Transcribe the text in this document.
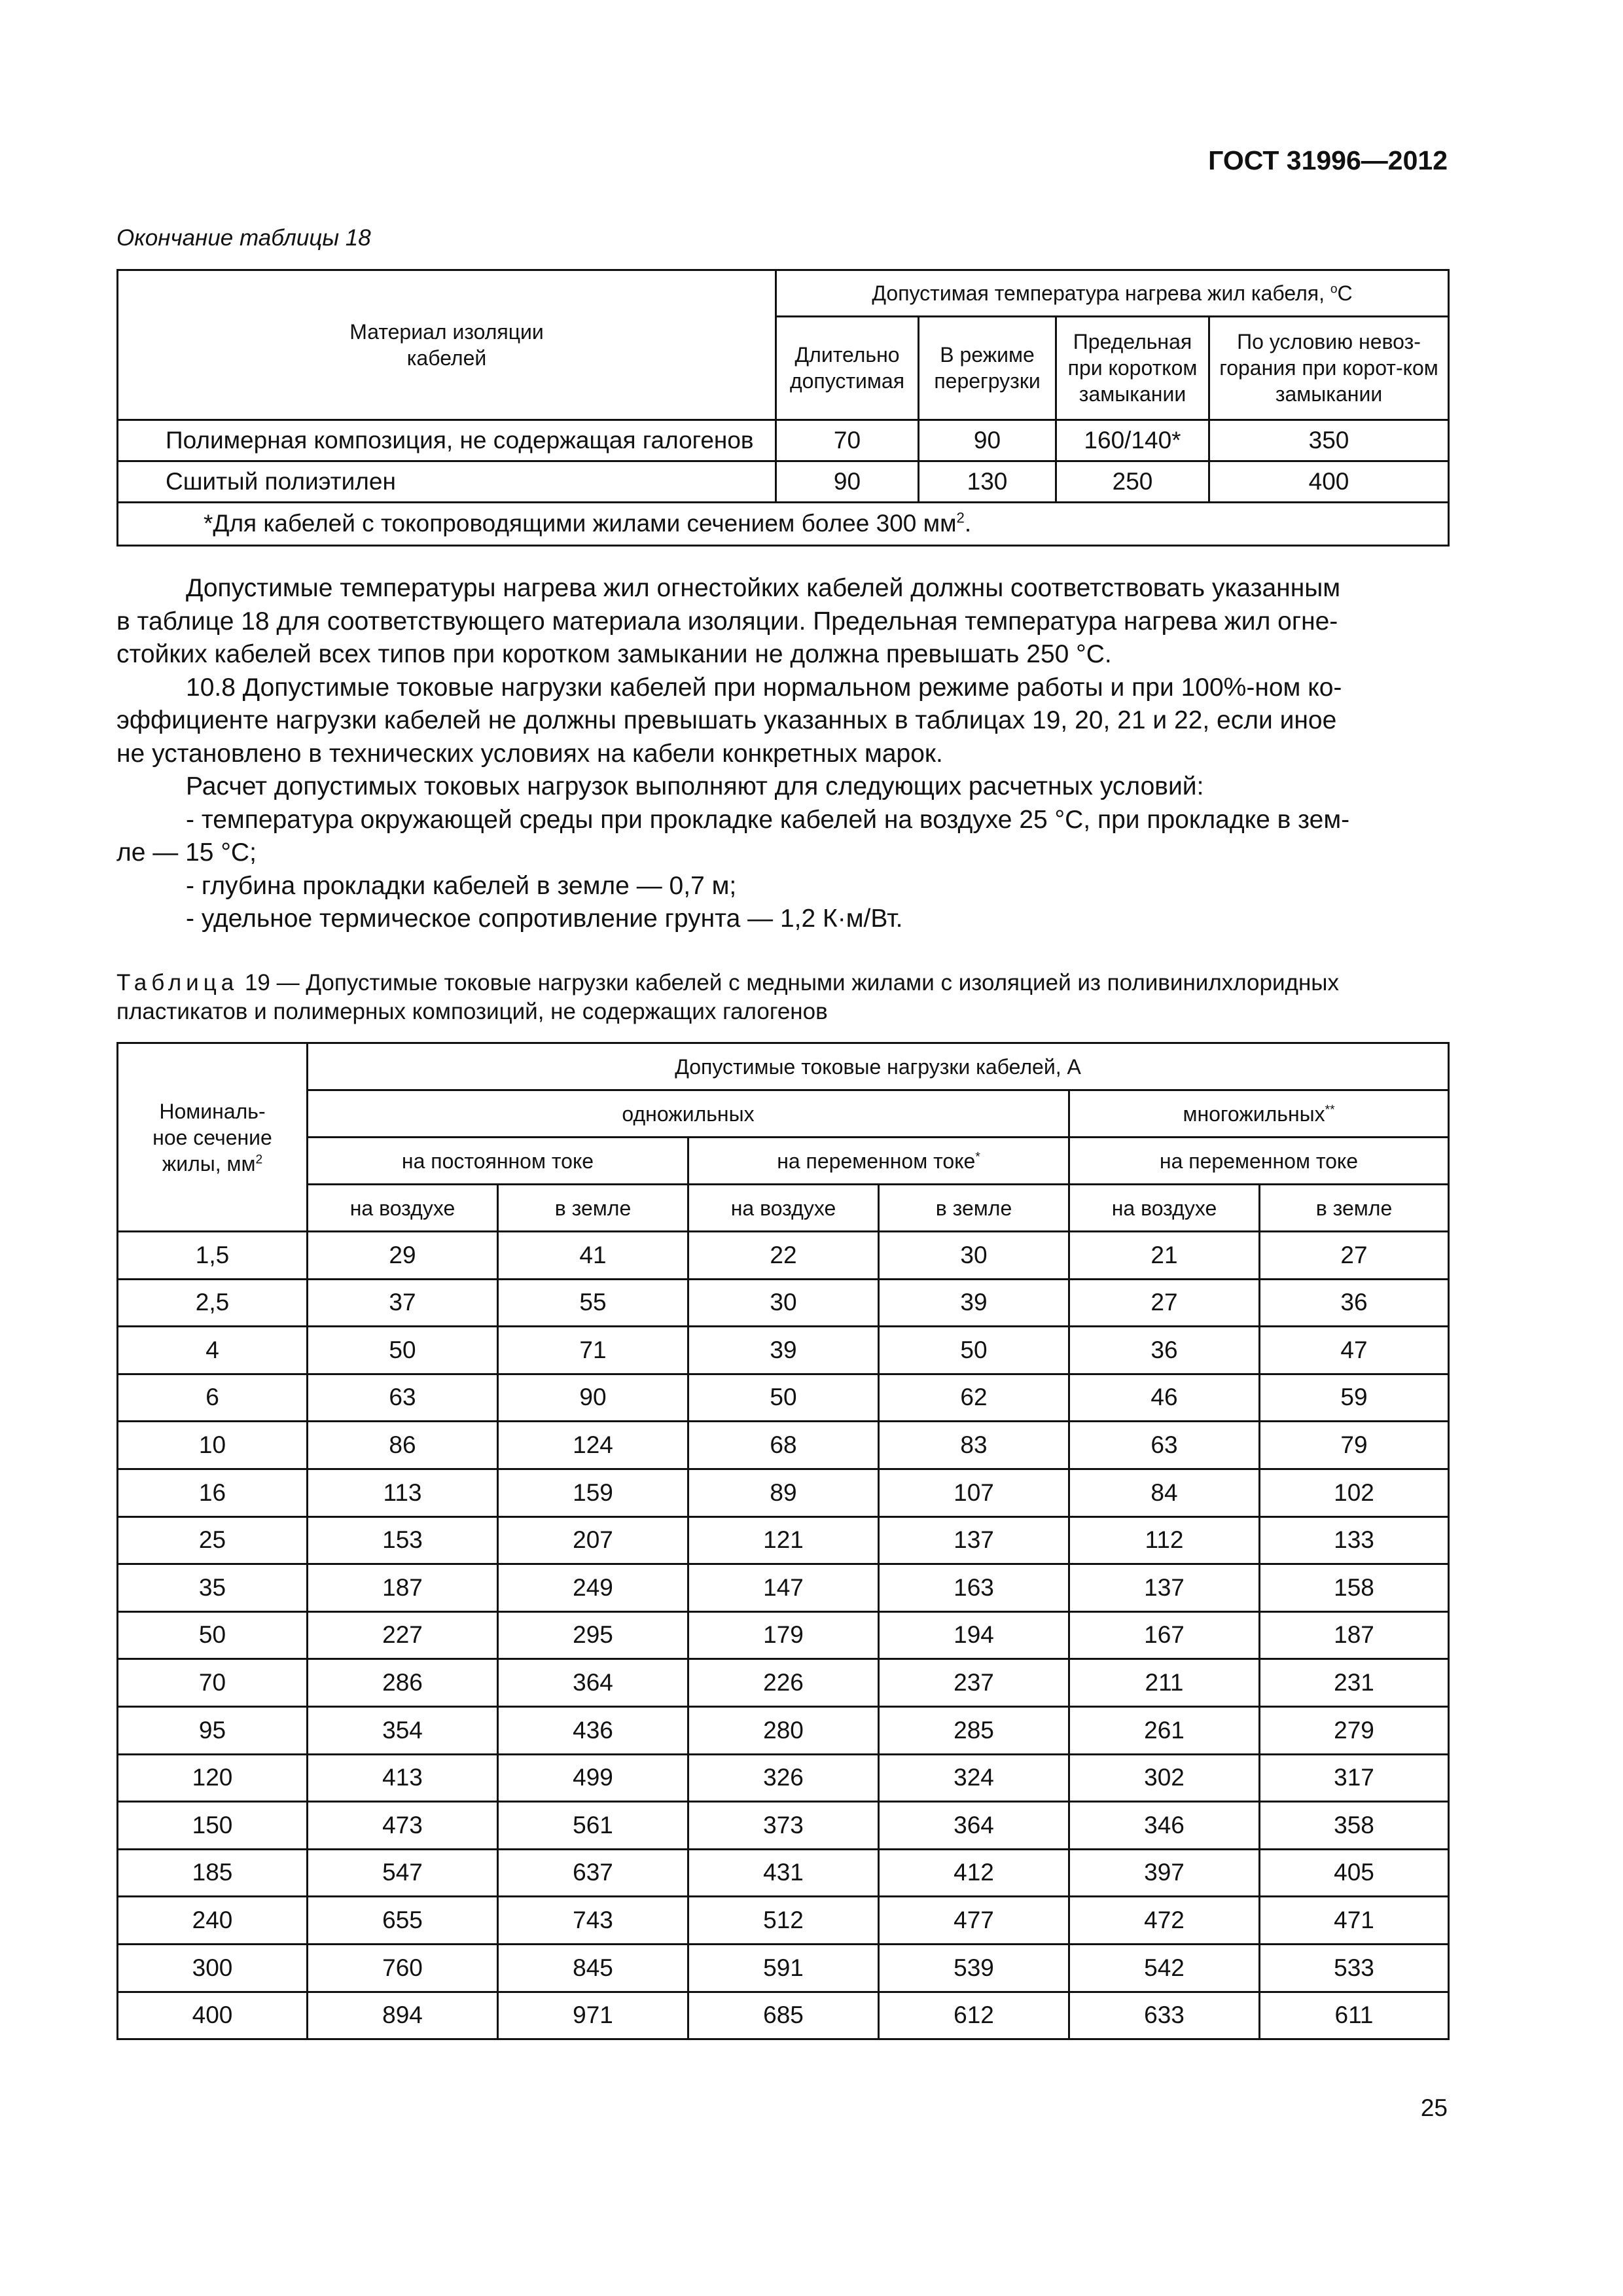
ГОСТ 31996—2012
Окончание таблицы 18
Материал изоляции кабелей	Допустимая температура нагрева жил кабеля, $^о$С			
	Длительно допустимая	В режиме перегрузки	Предельная при коротком замыкании	По условию невоз-горания при корот-ком замыкании
Полимерная композиция, не содержащая галогенов	70	90	160/140*	350
Сшитый полиэтилен	90	130	250	400
*Для кабелей с токопроводящими жилами сечением более 300 $мм^2$.				
Допустимые температуры нагрева жил огнестойких кабелей должны соответствовать указанным
в таблице 18 для соответствующего материала изоляции. Предельная температура нагрева жил огне-
стойких кабелей всех типов при коротком замыкании не должна превышать 250 °С.
10.8 Допустимые токовые нагрузки кабелей при нормальном режиме работы и при 100%-ном ко-
эффициенте нагрузки кабелей не должны превышать указанных в таблицах 19, 20, 21 и 22, если иное
не установлено в технических условиях на кабели конкретных марок.
Расчет допустимых токовых нагрузок выполняют для следующих расчетных условий:
- температура окружающей среды при прокладке кабелей на воздухе 25 °С, при прокладке в зем-
ле — 15 °С;
- глубина прокладки кабелей в земле — 0,7 м;
- удельное термическое сопротивление грунта — 1,2 К·м/Вт.
Таблица 19 — Допустимые токовые нагрузки кабелей с медными жилами с изоляцией из поливинилхлоридных
пластикатов и полимерных композиций, не содержащих галогенов
Номиналь-ное сечение жилы, $мм^2$	Допустимые токовые нагрузки кабелей, А					
	одножильных				многожильных**
	на постоянном токе		на переменном токе*		на переменном токе	
	на воздухе	в земле	на воздухе	в земле	на воздухе	в земле
1,5	29	41	22	30	21	27
2,5	37	55	30	39	27	36
4	50	71	39	50	36	47
6	63	90	50	62	46	59
10	86	124	68	83	63	79
16	113	159	89	107	84	102
25	153	207	121	137	112	133
35	187	249	147	163	137	158
50	227	295	179	194	167	187
70	286	364	226	237	211	231
95	354	436	280	285	261	279
120	413	499	326	324	302	317
150	473	561	373	364	346	358
185	547	637	431	412	397	405
240	655	743	512	477	472	471
300	760	845	591	539	542	533
400	894	971	685	612	633	611
25
